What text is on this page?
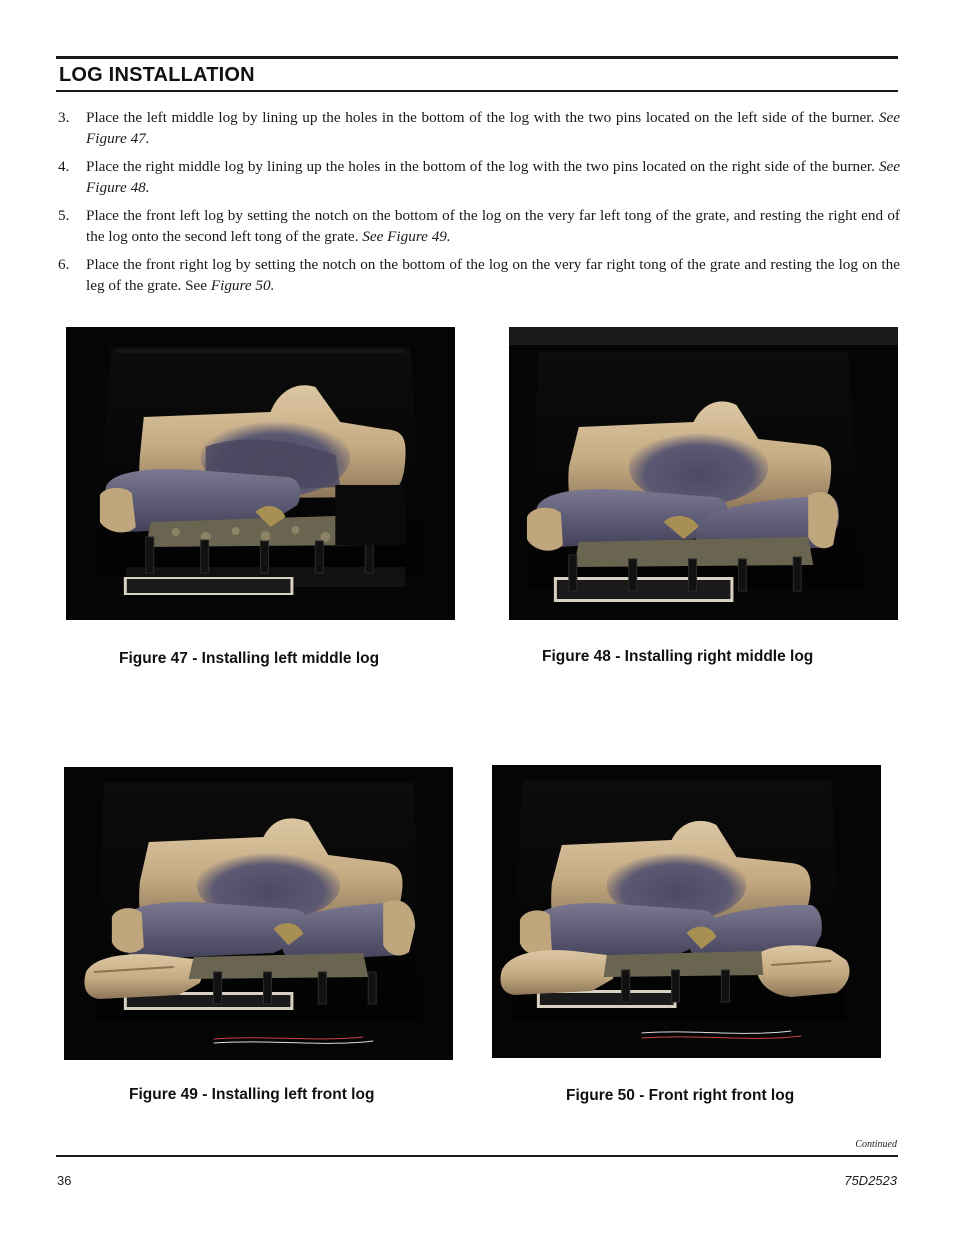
LOG INSTALLATION

3. Place the left middle log by lining up the holes in the bottom of the log with the two pins located on the left side of the burner. See Figure 47.

4. Place the right middle log by lining up the holes in the bottom of the log with the two pins located on the right side of the burner. See Figure 48.

5. Place the front left log by setting the notch on the bottom of the log on the very far left tong of the grate, and resting the right end of the log onto the second left tong of the grate. See Figure 49.

6. Place the front right log by setting the notch on the bottom of the log on the very far right tong of the grate and resting the log on the leg of the grate. See Figure 50.

Figure 47 - Installing left middle log	Figure 48 - Installing right middle log
Figure 49 - Installing left front log	Figure 50 - Front right front log
Continued
36	75D2523
